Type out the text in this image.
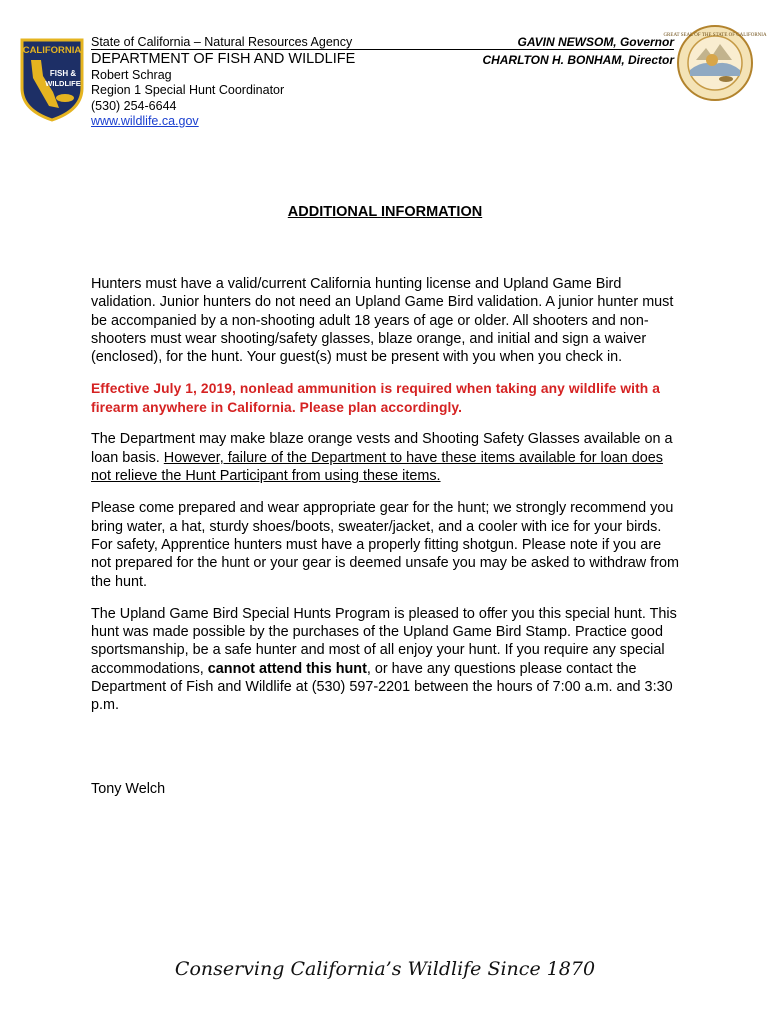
CALIFORNIA
FISH &
WILDLIFE
State of California – Natural Resources Agency
DEPARTMENT OF FISH AND WILDLIFE
Robert Schrag
Region 1 Special Hunt Coordinator
(530) 254-6644
www.wildlife.ca.gov
GAVIN NEWSOM, Governor
CHARLTON H. BONHAM, Director
GREAT SEAL OF THE STATE OF CALIFORNIA
ADDITIONAL INFORMATION

Hunters must have a valid/current California hunting license and Upland Game Bird validation. Junior hunters do not need an Upland Game Bird validation. A junior hunter must be accompanied by a non-shooting adult 18 years of age or older. All shooters and non-shooters must wear shooting/safety glasses, blaze orange, and initial and sign a waiver (enclosed), for the hunt. Your guest(s) must be present with you when you check in.

Effective July 1, 2019, nonlead ammunition is required when taking any wildlife with a firearm anywhere in California. Please plan accordingly.

The Department may make blaze orange vests and Shooting Safety Glasses available on a loan basis. However, failure of the Department to have these items available for loan does not relieve the Hunt Participant from using these items.

Please come prepared and wear appropriate gear for the hunt; we strongly recommend you bring water, a hat, sturdy shoes/boots, sweater/jacket, and a cooler with ice for your birds. For safety, Apprentice hunters must have a properly fitting shotgun. Please note if you are not prepared for the hunt or your gear is deemed unsafe you may be asked to withdraw from the hunt.

The Upland Game Bird Special Hunts Program is pleased to offer you this special hunt. This hunt was made possible by the purchases of the Upland Game Bird Stamp. Practice good sportsmanship, be a safe hunter and most of all enjoy your hunt. If you require any special accommodations, cannot attend this hunt, or have any questions please contact the Department of Fish and Wildlife at (530) 597-2201 between the hours of 7:00 a.m. and 3:30 p.m.

Tony Welch
Conserving California’s Wildlife Since 1870
